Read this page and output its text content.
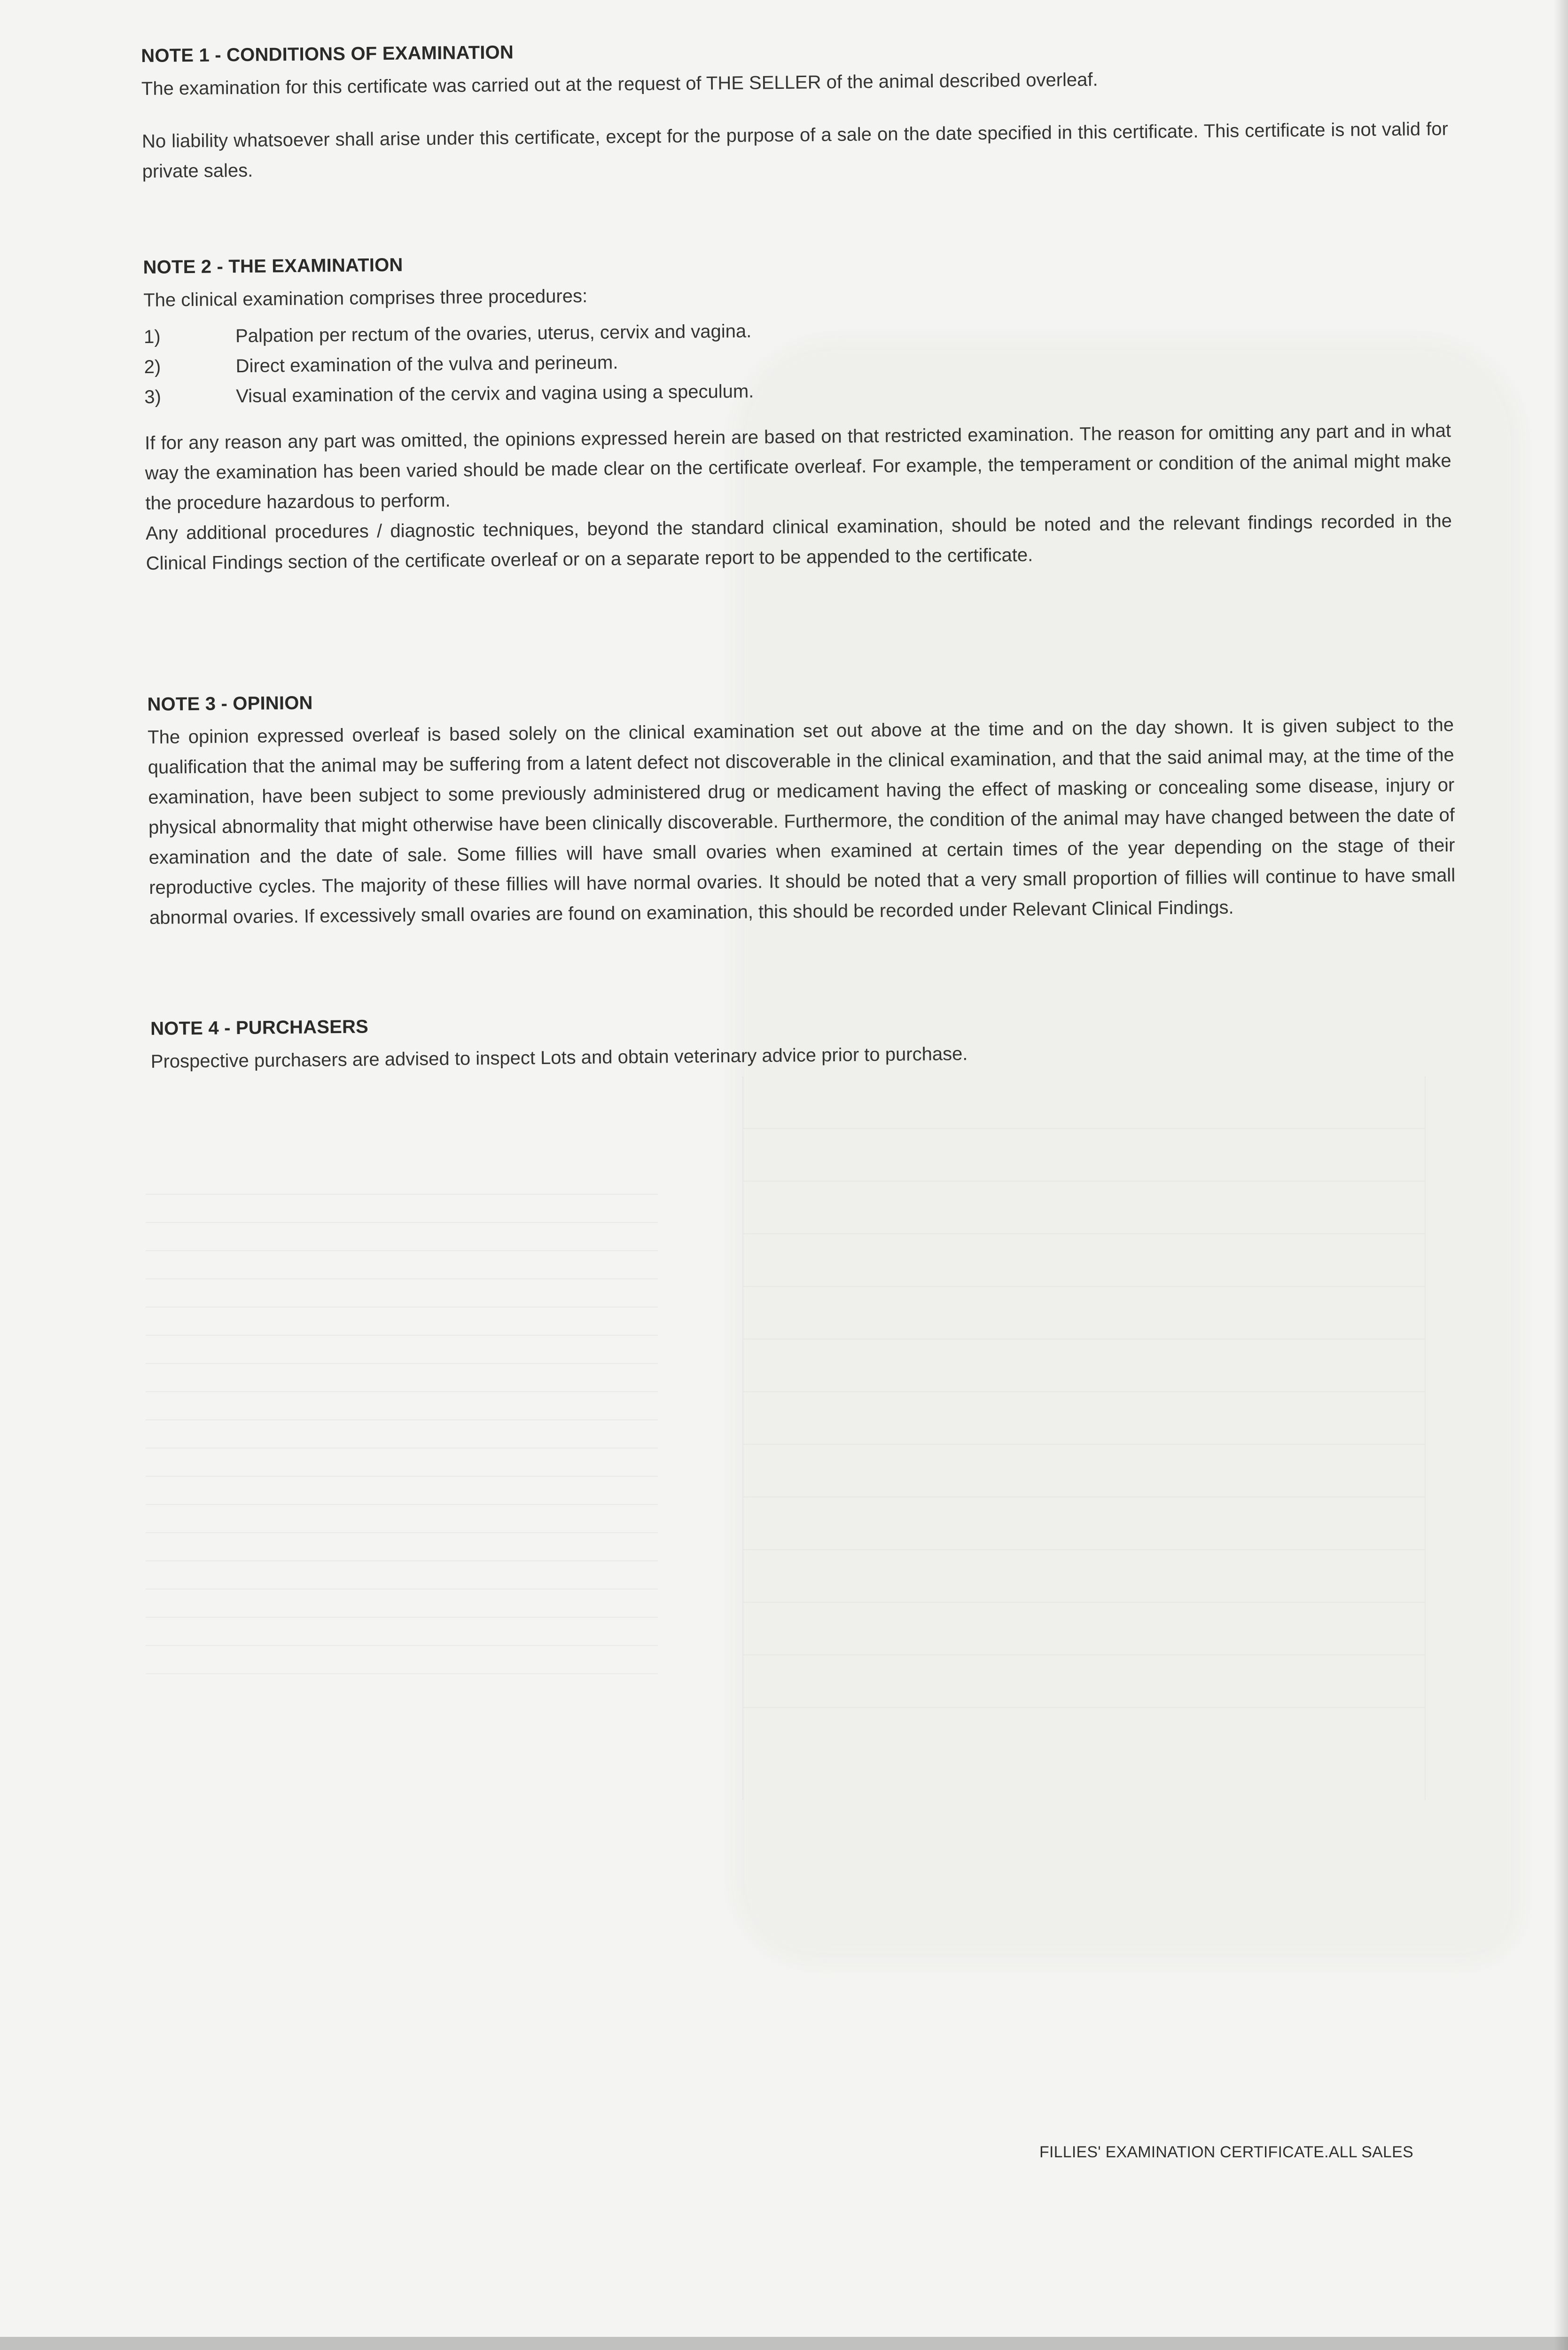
NOTE 1 - CONDITIONS OF EXAMINATION

The examination for this certificate was carried out at the request of THE SELLER of the animal described overleaf.

No liability whatsoever shall arise under this certificate, except for the purpose of a sale on the date specified in this certificate. This certificate is not valid for private sales.

NOTE 2 - THE EXAMINATION

The clinical examination comprises three procedures:

1)	Palpation per rectum of the ovaries, uterus, cervix and vagina.
2)	Direct examination of the vulva and perineum.
3)	Visual examination of the cervix and vagina using a speculum.

If for any reason any part was omitted, the opinions expressed herein are based on that restricted examination. The reason for omitting any part and in what way the examination has been varied should be made clear on the certificate overleaf. For example, the temperament or condition of the animal might make the procedure hazardous to perform.

Any additional procedures / diagnostic techniques, beyond the standard clinical examination, should be noted and the relevant findings recorded in the Clinical Findings section of the certificate overleaf or on a separate report to be appended to the certificate.

NOTE 3 - OPINION

The opinion expressed overleaf is based solely on the clinical examination set out above at the time and on the day shown. It is given subject to the qualification that the animal may be suffering from a latent defect not discoverable in the clinical examination, and that the said animal may, at the time of the examination, have been subject to some previously administered drug or medicament having the effect of masking or concealing some disease, injury or physical abnormality that might otherwise have been clinically discoverable. Furthermore, the condition of the animal may have changed between the date of examination and the date of sale. Some fillies will have small ovaries when examined at certain times of the year depending on the stage of their reproductive cycles. The majority of these fillies will have normal ovaries. It should be noted that a very small proportion of fillies will continue to have small abnormal ovaries. If excessively small ovaries are found on examination, this should be recorded under Relevant Clinical Findings.

NOTE 4 - PURCHASERS

Prospective purchasers are advised to inspect Lots and obtain veterinary advice prior to purchase.

FILLIES' EXAMINATION CERTIFICATE.ALL SALES
